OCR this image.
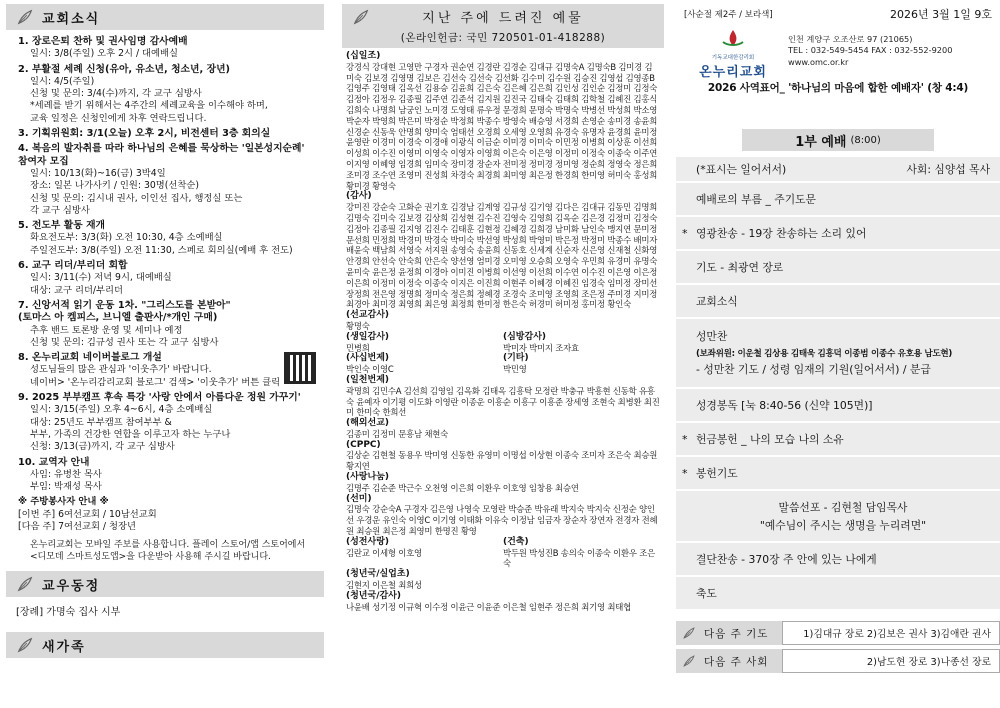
교회소식
1. 장로은퇴 찬하 및 권사임명 감사예배
일시: 3/8(주일) 오후 2시 / 대예배실
2. 부활절 세례 신청(유아, 유소년, 청소년, 장년)
일시: 4/5(주일)
신청 및 문의: 3/4(수)까지, 각 교구 심방사
*세례를 받기 위해서는 4주간의 세례교육을 이수해야 하며,
교육 일정은 신청인에게 차후 연락드립니다.
3. 기획위원회: 3/1(오늘) 오후 2시, 비전센터 3층 회의실
4. 복음의 발자취를 따라 하나님의 은혜를 묵상하는 '일본성지순례'
참여자 모집
일시: 10/13(화)~16(금) 3박4일
장소: 일본 나가사키 / 인원: 30명(선착순)
신청 및 문의: 김시내 권사, 이인선 집사, 행정실 또는
각 교구 심방사
5. 전도부 활동 재개
화요전도부: 3/3(화) 오전 10:30, 4층 소예배실
주일전도부: 3/8(주일) 오전 11:30, 스페로 회의실(예배 후 전도)
6. 교구 리더/부리더 회합
일시: 3/11(수) 저녁 9시, 대예배실
대상: 교구 리더/부리더
7. 신앙서적 읽기 운동 1차. "그리스도를 본받아"
(토마스 아 켐피스, 브니엘 출판사/*개인 구매)
추후 밴드 토론방 운영 및 세미나 예정
신청 및 문의: 김규성 권사 또는 각 교구 심방사
8. 온누리교회 네이버블로그 개설
성도님들의 많은 관심과 '이웃추가' 바랍니다.
네이버> '온누리감리교회 블로그' 검색> '이웃추가' 버튼 클릭
9. 2025 부부캠프 후속 특강 '사랑 안에서 아름다운 정원 가꾸기'
일시: 3/15(주일) 오후 4~6시, 4층 소예배실
대상: 25년도 부부캠프 참여부부 &
부부, 가족의 건강한 연합을 이루고자 하는 누구나
신청: 3/13(금)까지, 각 교구 심방사
10. 교역자 안내
사임: 유병찬 목사
부임: 박재성 목사
※ 주방봉사자 안내 ※
[이번 주] 6여선교회 / 10남선교회
[다음 주] 7여선교회 / 청장년
온누리교회는 모바일 주보를 사용합니다. 플레이 스토어/앱 스토어에서
<디모데 스마트성도앱>을 다운받아 사용해 주시길 바랍니다.
교우동정
[장례] 가명숙 집사 시부
새가족
지난 주에 드려진 예물
(온라인헌금: 국민 720501-01-418288)
(십일조)
강경식 강대현 고영만 구경자 권순연 김경란 김경순 김대규 김명숙A 김명숙B 김미경 김미숙 김보경 김영명 김보은 김선숙 김선숙 김선화 김수미 김수원 김승진 김영섭 김영종B 김영주 김영태 김옥선 김용승 김윤희 김은숙 김은혜 김은희 김인성 김인순 김정미 김정숙 김정아 김정우 김종필 김주연 김준석 김지원 김진국 김태숙 김태희 김학철 김혜진 김홍식 김희숙 나명희 남궁인 노미경 도영태 류우정 문경희 문명숙 박명숙 박병선 박성희 박소영 박순자 박영희 박은미 박정순 박정희 박종수 방영숙 배승영 서경희 손영순 송미경 송윤희 신경순 신동욱 안명희 양미숙 엄태선 오경희 오세영 오영희 유경숙 유명자 윤경희 윤미정 윤영란 이경미 이경숙 이경애 이광식 이금순 이미경 이미숙 이민정 이병희 이상훈 이선희 이성희 이수진 이영미 이영숙 이영자 이영희 이은숙 이은영 이정미 이정숙 이종숙 이주연 이지영 이혜영 임경희 임미숙 장미경 장순자 전미정 정미경 정미영 정순희 정영숙 정은희 조미경 조수연 조영미 진성희 차경숙 최경희 최미영 최은정 한경희 한미영 허미숙 홍성희 황미경 황영숙
(감사)
강미진 강순숙 고화순 권기호 김경남 김계영 김규성 김기영 김다은 김대규 김동민 김명희 김명숙 김미숙 김보경 김상희 김성현 김수진 김영숙 김영희 김옥순 김은경 김정미 김정숙 김정아 김종필 김지영 김진수 김태훈 김현정 김혜경 김희경 남미화 남인숙 맹지연 문미정 문선희 민정희 박경미 박경숙 박미숙 박선영 박성희 박영미 박은정 박정미 박종수 배미자 배윤숙 백남희 서영숙 서지원 송영숙 송윤희 신동호 신세계 신순자 신은영 신재철 신화영 안경희 안선숙 안숙희 안은숙 양선영 엄미경 오미영 오승희 오영숙 우민희 유경미 유명숙 윤미숙 윤은정 윤정희 이경아 이미진 이병희 이선영 이선희 이수연 이수진 이은영 이은정 이은희 이정미 이정숙 이종숙 이지은 이진희 이현주 이혜경 이혜진 임경숙 임미정 장미선 장정희 전은영 정명희 정미숙 정은희 정혜경 조경숙 조미영 조영희 조은정 주미경 지미정 최경아 최미경 최영희 최은영 최정희 한미정 한은숙 허경미 허미정 홍미정 황인숙
(선교감사)
황명숙
(생일감사)
민병희
(심방감사)
박미자 박미지 조자효
(사십번제)
박인숙 이영C
(기타)
박민영
(일천번제)
곽명희 김민수A 김선희 김영임 김옥화 김태옥 김흥탁 모정란 박충규 박흥현 신동학 유흥숙 윤예자 이기평 이도화 이영란 이종운 이흥순 이흥구 이흥준 장세영 조현숙 최병환 최진미 한미숙 한희선
(해외선교)
김종미 김정미 문흥남 채현숙
(CPPC)
김상순 김현철 동용우 박미영 신동한 유영미 이명섭 이상현 이종숙 조미자 조은숙 최승원 황지연
(사랑나눔)
김명주 김순준 박근수 오천영 이은희 이환우 이호영 임창용 최승연
(선미)
김명숙 강순숙A 구경자 김은영 나영숙 모영란 박승준 박유래 박지숙 박지숙 신정순 양인선 우경운 유인숙 이영C 이기영 이태화 이유숙 이정남 임금자 장순자 장연자 전경자 전혜원 최승원 최은정 최영미 한명진 황영
(성전사랑)
김란교 이세형 이호영
(건축)
박두원 박성진B 송의숙 이종숙 이환우 조은숙
(청년국/실업초)
김현지 이은철 최희성
(청년국/감사)
나윤배 성기정 이규혁 이수정 이윤근 이윤준 이은철 임현주 정은희 최기영 최태협
[사순절 제2주 / 보라색]	2026년 3월 1일 9호
기독교대한감리회
온누리교회
인천 계양구 오조산로 97 (21065)
TEL : 032-549-5454 FAX : 032-552-9200
www.omc.or.kr
2026 사역표어_ '하나님의 마음에 합한 예배자' (창 4:4)
1부 예배 (8:00)
(*표시는 일어서서)	사회: 심양섭 목사
예배로의 부름 _ 주기도문
* 영광찬송 - 19장 찬송하는 소리 있어
기도 - 최광연 장로
교회소식
성만찬
(보좌위원: 이운철 김상용 김태욱 김흥덕 이종범 이종수 유호용 남도현)
- 성만찬 기도 / 성령 임재의 기원(일어서서) / 분급
성경봉독 [눅 8:40-56 (신약 105면)]
* 헌금봉헌 _ 나의 모습 나의 소유
* 봉헌기도
말씀선포 - 김현철 담임목사
"예수님이 주시는 생명을 누리려면"
결단찬송 - 370장 주 안에 있는 나에게
축도
다음 주 기도	1)김대규 장로 2)김보은 권사 3)김애란 권사
다음 주 사회	2)남도현 장로 3)나종선 장로
